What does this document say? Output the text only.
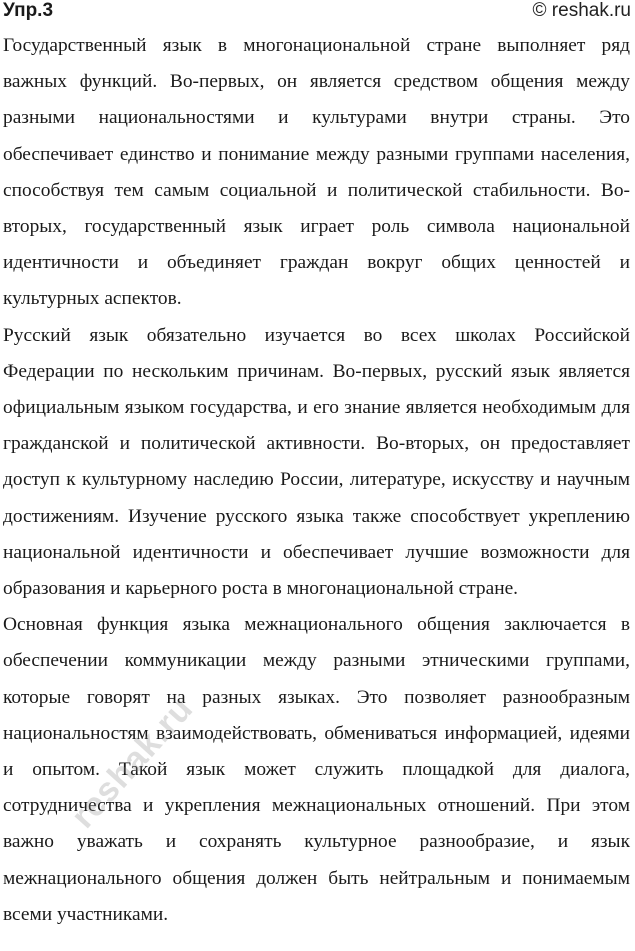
Упр.3	© reshak.ru

Государственный язык в многонациональной стране выполняет ряд важных функций. Во-первых, он является средством общения между разными национальностями и культурами внутри страны. Это обеспечивает единство и понимание между разными группами населения, способствуя тем самым социальной и политической стабильности. Во-вторых, государственный язык играет роль символа национальной идентичности и объединяет граждан вокруг общих ценностей и культурных аспектов.

Русский язык обязательно изучается во всех школах Российской Федерации по нескольким причинам. Во-первых, русский язык является официальным языком государства, и его знание является необходимым для гражданской и политической активности. Во-вторых, он предоставляет доступ к культурному наследию России, литературе, искусству и научным достижениям. Изучение русского языка также способствует укреплению национальной идентичности и обеспечивает лучшие возможности для образования и карьерного роста в многонациональной стране.

Основная функция языка межнационального общения заключается в обеспечении коммуникации между разными этническими группами, которые говорят на разных языках. Это позволяет разнообразным национальностям взаимодействовать, обмениваться информацией, идеями и опытом. Такой язык может служить площадкой для диалога, сотрудничества и укрепления межнациональных отношений. При этом важно уважать и сохранять культурное разнообразие, и язык межнационального общения должен быть нейтральным и понимаемым всеми участниками.

reshak.ru
